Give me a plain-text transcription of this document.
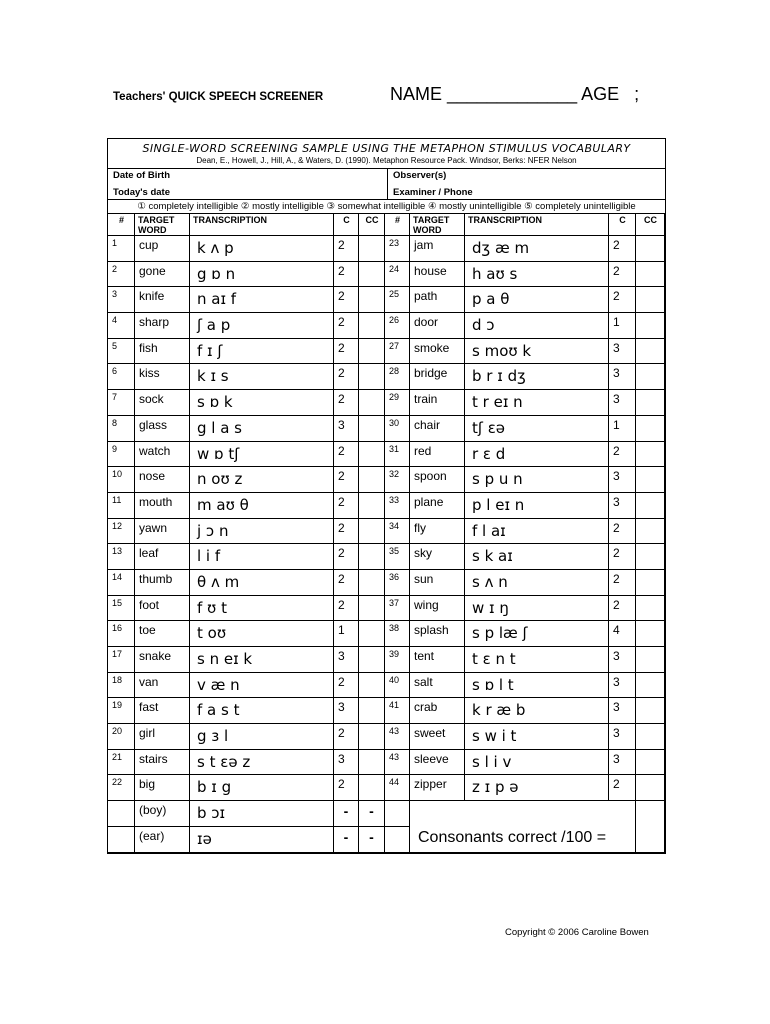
Teachers' QUICK SPEECH SCREENER	NAME _____________ AGE   ;
SINGLE-WORD SCREENING SAMPLE USING THE METAPHON STIMULUS VOCABULARY
Dean, E., Howell, J., Hill, A., & Waters, D. (1990). Metaphon Resource Pack. Windsor, Berks: NFER Nelson
Date of Birth
Today's date
Observer(s)
Examiner / Phone
① completely intelligible ② mostly intelligible ③ somewhat intelligible ④ mostly unintelligible ⑤ completely unintelligible
#	TARGET WORD	TRANSCRIPTION	C	CC	#	TARGET WORD	TRANSCRIPTION	C	CC	
1	cup	k ʌ p	2		23	jam	dʒ æ m	2		
2	gone	g ɒ n	2		24	house	h aʊ s	2		
3	knife	n aɪ f	2		25	path	p a θ	2		
4	sharp	ʃ a p	2		26	door	d ɔ	1		
5	fish	f ɪ ʃ	2		27	smoke	s moʊ k	3		
6	kiss	k ɪ s	2		28	bridge	b r ɪ dʒ	3		
7	sock	s ɒ k	2		29	train	t r eɪ n	3		
8	glass	g l a s	3		30	chair	tʃ ɛə	1		
9	watch	w ɒ tʃ	2		31	red	r ɛ d	2		
10	nose	n oʊ z	2		32	spoon	s p u n	3		
11	mouth	m aʊ θ	2		33	plane	p l eɪ n	3		
12	yawn	j ɔ n	2		34	fly	f l aɪ	2		
13	leaf	l i f	2		35	sky	s k aɪ	2		
14	thumb	θ ʌ m	2		36	sun	s ʌ n	2		
15	foot	f ʊ t	2		37	wing	w ɪ ŋ	2		
16	toe	t oʊ	1		38	splash	s p læ ʃ	4		
17	snake	s n eɪ k	3		39	tent	t ɛ n t	3		
18	van	v æ n	2		40	salt	s ɒ l t	3		
19	fast	f a s t	3		41	crab	k r æ b	3		
20	girl	g ɜ l	2		43	sweet	s w i t	3		
21	stairs	s t ɛə z	3		43	sleeve	s l i v	3		
22	big	b ɪ g	2		44	zipper	z ɪ p ə	2		
	(boy)	b ɔɪ	-	-						
	(ear)	ɪə	-	-		Consonants correct /100 =				
Copyright © 2006 Caroline Bowen
